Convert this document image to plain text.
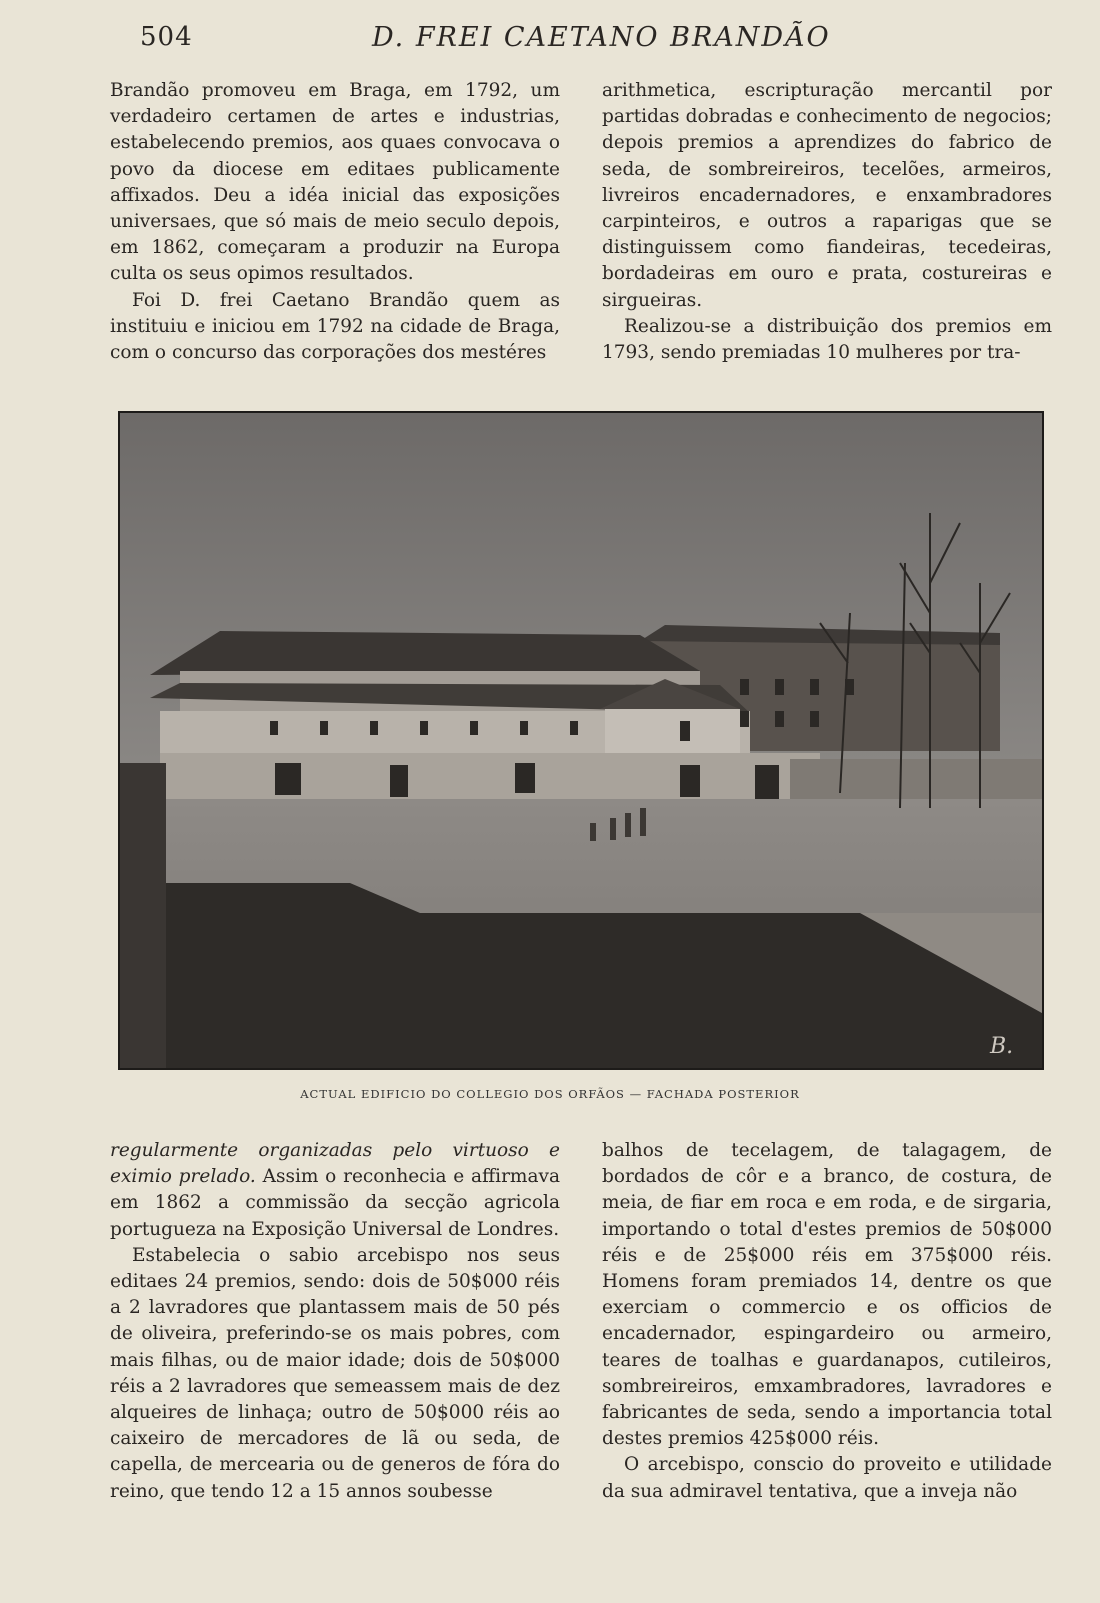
504	D. FREI CAETANO BRANDÃO

Brandão promoveu em Braga, em 1792, um verdadeiro certamen de artes e industrias, estabelecendo premios, aos quaes convocava o povo da diocese em editaes publicamente affixados. Deu a idéa inicial das exposições universaes, que só mais de meio seculo depois, em 1862, começaram a produzir na Europa culta os seus opimos resultados.

Foi D. frei Caetano Brandão quem as instituiu e iniciou em 1792 na cidade de Braga, com o concurso das corporações dos mestéres

arithmetica, escripturação mercantil por partidas dobradas e conhecimento de negocios; depois premios a aprendizes do fabrico de seda, de sombreireiros, tecelões, armeiros, livreiros encadernadores, e enxambradores carpinteiros, e outros a raparigas que se distinguissem como fiandeiras, tecedeiras, bordadeiras em ouro e prata, costureiras e sirgueiras.

Realizou-se a distribuição dos premios em 1793, sendo premiadas 10 mulheres por tra-

B.
ACTUAL EDIFICIO DO COLLEGIO DOS ORFÃOS — FACHADA POSTERIOR

regularmente organizadas pelo virtuoso e eximio prelado. Assim o reconhecia e affirmava em 1862 a commissão da secção agricola portugueza na Exposição Universal de Londres.

Estabelecia o sabio arcebispo nos seus editaes 24 premios, sendo: dois de 50$000 réis a 2 lavradores que plantassem mais de 50 pés de oliveira, preferindo-se os mais pobres, com mais filhas, ou de maior idade; dois de 50$000 réis a 2 lavradores que semeassem mais de dez alqueires de linhaça; outro de 50$000 réis ao caixeiro de mercadores de lã ou seda, de capella, de mercearia ou de generos de fóra do reino, que tendo 12 a 15 annos soubesse

balhos de tecelagem, de talagagem, de bordados de côr e a branco, de costura, de meia, de fiar em roca e em roda, e de sirgaria, importando o total d'estes premios de 50$000 réis e de 25$000 réis em 375$000 réis. Homens foram premiados 14, dentre os que exerciam o commercio e os officios de encadernador, espingardeiro ou armeiro, teares de toalhas e guardanapos, cutileiros, sombreireiros, emxambradores, lavradores e fabricantes de seda, sendo a importancia total destes premios 425$000 réis.

O arcebispo, conscio do proveito e utilidade da sua admiravel tentativa, que a inveja não
